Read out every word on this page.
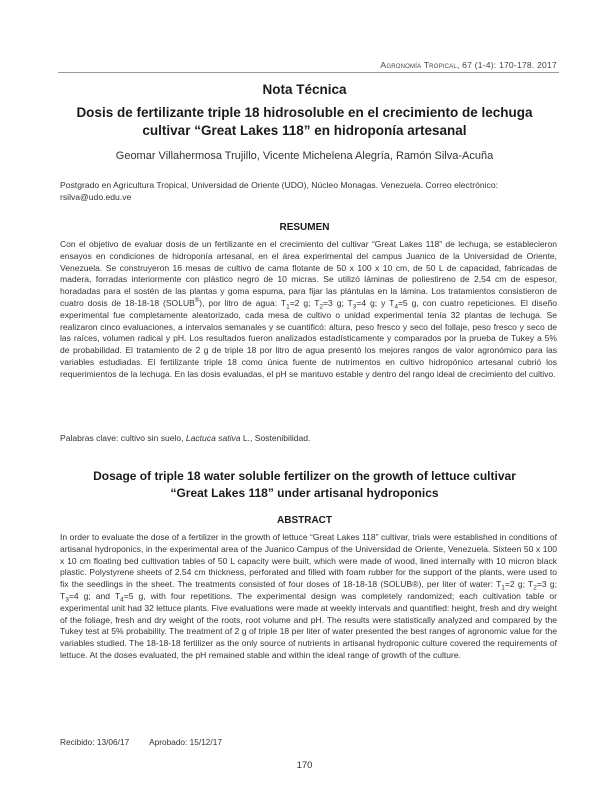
Agronomía Tropical, 67 (1-4): 170-178. 2017
Nota Técnica
Dosis de fertilizante triple 18 hidrosoluble en el crecimiento de lechuga
cultivar “Great Lakes 118” en hidroponía artesanal
Geomar Villahermosa Trujillo, Vicente Michelena Alegría, Ramón Silva-Acuña
Postgrado en Agricultura Tropical, Universidad de Oriente (UDO), Núcleo Monagas. Venezuela. Correo electrónico:
rsilva@udo.edu.ve
RESUMEN
Con el objetivo de evaluar dosis de un fertilizante en el crecimiento del cultivar “Great Lakes 118” de lechuga, se establecieron ensayos en condiciones de hidroponía artesanal, en el área experimental del campus Juanico de la Universidad de Oriente, Venezuela. Se construyeron 16 mesas de cultivo de cama flotante de 50 x 100 x 10 cm, de 50 L de capacidad, fabricadas de madera, forradas interiormente con plástico negro de 10 micras. Se utilizó láminas de poliestireno de 2,54 cm de espesor, horadadas para el sostén de las plantas y goma espuma, para fijar las plántulas en la lámina. Los tratamientos consistieron de cuatro dosis de 18-18-18 (SOLUB®), por litro de agua: $T_1=2$ g; $T_2=3$ g; $T_3=4$ g; y $T_4=5$ g, con cuatro repeticiones. El diseño experimental fue completamente aleatorizado, cada mesa de cultivo o unidad experimental tenía 32 plantas de lechuga. Se realizaron cinco evaluaciones, a intervalos semanales y se cuantificó: altura, peso fresco y seco del follaje, peso fresco y seco de las raíces, volumen radical y pH. Los resultados fueron analizados estadísticamente y comparados por la prueba de Tukey a 5% de probabilidad. El tratamiento de 2 g de triple 18 por litro de agua presentó los mejores rangos de valor agronómico para las variables estudiadas. El fertilizante triple 18 como única fuente de nutrimentos en cultivo hidropónico artesanal cubrió los requerimientos de la lechuga. En las dosis evaluadas, el pH se mantuvo estable y dentro del rango ideal de crecimiento del cultivo.
Palabras clave: cultivo sin suelo, Lactuca sativa L., Sostenibilidad.
Dosage of triple 18 water soluble fertilizer on the growth of lettuce cultivar
“Great Lakes 118” under artisanal hydroponics
ABSTRACT
In order to evaluate the dose of a fertilizer in the growth of lettuce “Great Lakes 118” cultivar, trials were established in conditions of artisanal hydroponics, in the experimental area of the Juanico Campus of the Universidad de Oriente, Venezuela. Sixteen 50 x 100 x 10 cm floating bed cultivation tables of 50 L capacity were built, which were made of wood, lined internally with 10 micron black plastic. Polystyrene sheets of 2.54 cm thickness, perforated and filled with foam rubber for the support of the plants, were used to fix the seedlings in the sheet. The treatments consisted of four doses of 18-18-18 (SOLUB®), per liter of water: $T_1=2$ g; $T_2=3$ g; $T_3=4$ g; and $T_4=5$ g, with four repetitions. The experimental design was completely randomized; each cultivation table or experimental unit had 32 lettuce plants. Five evaluations were made at weekly intervals and quantified: height, fresh and dry weight of the foliage, fresh and dry weight of the roots, root volume and pH. The results were statistically analyzed and compared by the Tukey test at 5% probability. The treatment of 2 g of triple 18 per liter of water presented the best ranges of agronomic value for the variables studied. The 18-18-18 fertilizer as the only source of nutrients in artisanal hydroponic culture covered the requirements of lettuce. At the doses evaluated, the pH remained stable and within the ideal range of growth of the culture.
Recibido: 13/06/17 Aprobado: 15/12/17
170
